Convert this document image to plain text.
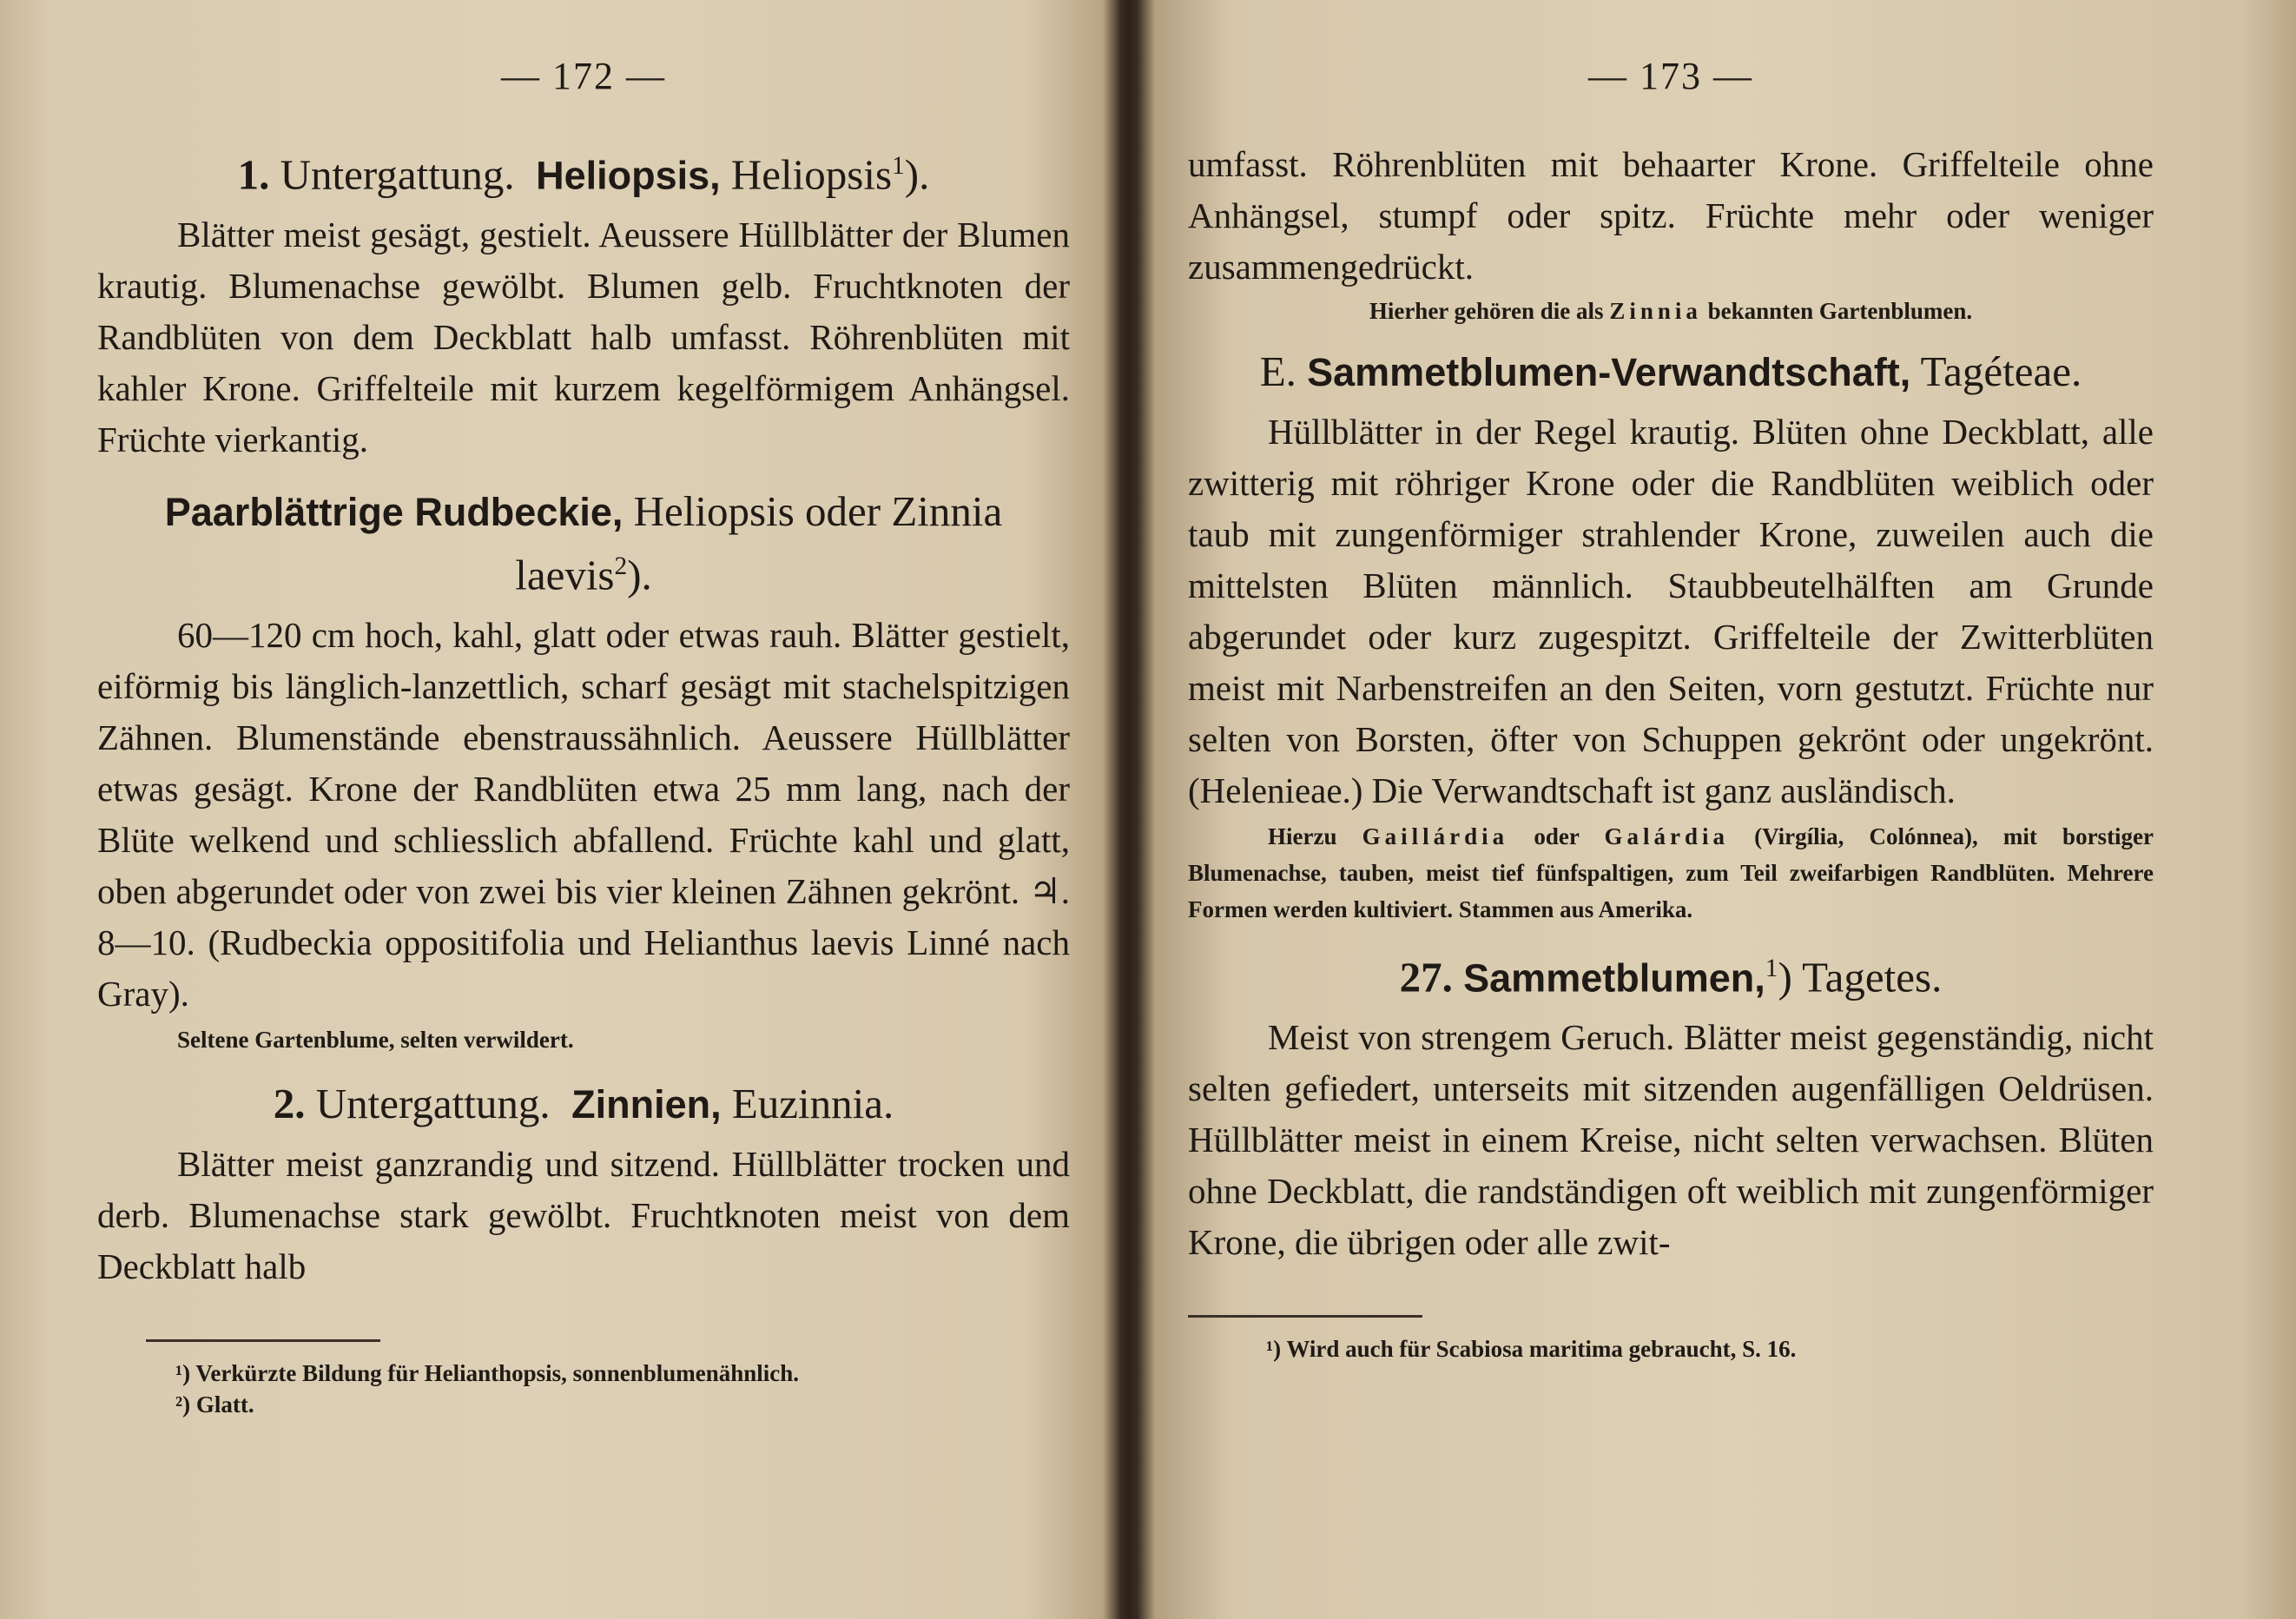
— 172 —
1. Untergattung. Heliopsis, Heliopsis$^1$).

Blätter meist gesägt, gestielt. Aeussere Hüllblätter der Blumen krautig. Blumenachse gewölbt. Blumen gelb. Fruchtknoten der Randblüten von dem Deckblatt halb umfasst. Röhrenblüten mit kahler Krone. Griffelteile mit kurzem kegelförmigem Anhängsel. Früchte vierkantig.

Paarblättrige Rudbeckie, Heliopsis oder Zinnia laevis$^2$).

60—120 cm hoch, kahl, glatt oder etwas rauh. Blätter gestielt, eiförmig bis länglich-lanzettlich, scharf gesägt mit stachelspitzigen Zähnen. Blumenstände ebenstraussähnlich. Aeussere Hüllblätter etwas gesägt. Krone der Randblüten etwa 25 mm lang, nach der Blüte welkend und schliesslich abfallend. Früchte kahl und glatt, oben abgerundet oder von zwei bis vier kleinen Zähnen gekrönt. ♃. 8—10. (Rudbeckia oppositifolia und Helianthus laevis Linné nach Gray).

Seltene Gartenblume, selten verwildert.

2. Untergattung. Zinnien, Euzinnia.

Blätter meist ganzrandig und sitzend. Hüllblätter trocken und derb. Blumenachse stark gewölbt. Fruchtknoten meist von dem Deckblatt halb

¹) Verkürzte Bildung für Helianthopsis, sonnenblumenähnlich.

²) Glatt.

— 173 —

umfasst. Röhrenblüten mit behaarter Krone. Griffelteile ohne Anhängsel, stumpf oder spitz. Früchte mehr oder weniger zusammengedrückt.

Hierher gehören die als Zinnia bekannten Gartenblumen.

E. Sammetblumen-Verwandtschaft, Tagéteae.

Hüllblätter in der Regel krautig. Blüten ohne Deckblatt, alle zwitterig mit röhriger Krone oder die Randblüten weiblich oder taub mit zungenförmiger strahlender Krone, zuweilen auch die mittelsten Blüten männlich. Staubbeutelhälften am Grunde abgerundet oder kurz zugespitzt. Griffelteile der Zwitterblüten meist mit Narbenstreifen an den Seiten, vorn gestutzt. Früchte nur selten von Borsten, öfter von Schuppen gekrönt oder ungekrönt. (Helenieae.) Die Verwandtschaft ist ganz ausländisch.

Hierzu Gaillárdia oder Galárdia (Virgília, Colónnea), mit borstiger Blumenachse, tauben, meist tief fünfspaltigen, zum Teil zweifarbigen Randblüten. Mehrere Formen werden kultiviert. Stammen aus Amerika.

27. Sammetblumen,$^1$) Tagetes.

Meist von strengem Geruch. Blätter meist gegenständig, nicht selten gefiedert, unterseits mit sitzenden augenfälligen Oeldrüsen. Hüllblätter meist in einem Kreise, nicht selten verwachsen. Blüten ohne Deckblatt, die randständigen oft weiblich mit zungenförmiger Krone, die übrigen oder alle zwit-

¹) Wird auch für Scabiosa maritima gebraucht, S. 16.
